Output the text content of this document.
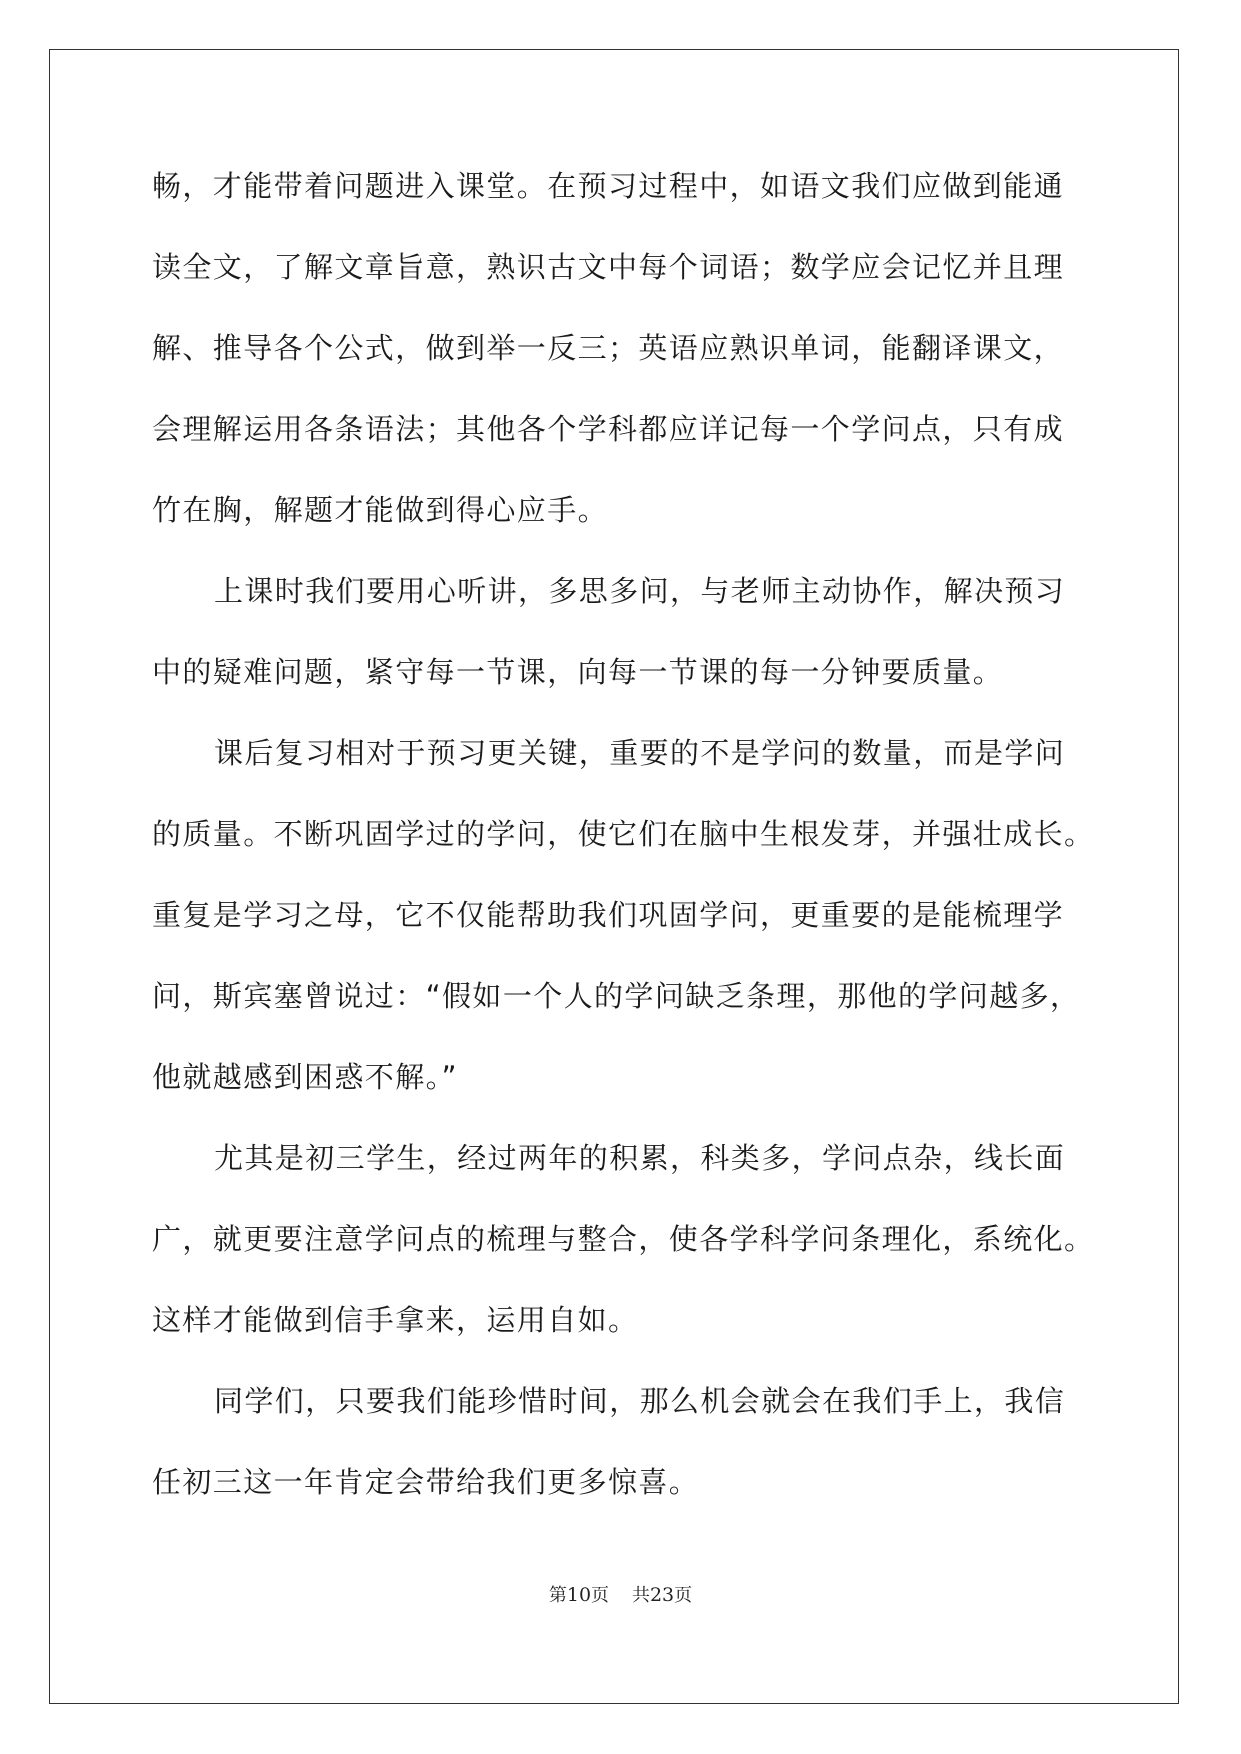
畅，才能带着问题进入课堂。在预习过程中，如语文我们应做到能通
读全文，了解文章旨意，熟识古文中每个词语；数学应会记忆并且理
解、推导各个公式，做到举一反三；英语应熟识单词，能翻译课文，
会理解运用各条语法；其他各个学科都应详记每一个学问点，只有成
竹在胸，解题才能做到得心应手。
上课时我们要用心听讲，多思多问，与老师主动协作，解决预习
中的疑难问题，紧守每一节课，向每一节课的每一分钟要质量。
课后复习相对于预习更关键，重要的不是学问的数量，而是学问
的质量。不断巩固学过的学问，使它们在脑中生根发芽，并强壮成长。
重复是学习之母，它不仅能帮助我们巩固学问，更重要的是能梳理学
问，斯宾塞曾说过：“假如一个人的学问缺乏条理，那他的学问越多，
他就越感到困惑不解。”
尤其是初三学生，经过两年的积累，科类多，学问点杂，线长面
广，就更要注意学问点的梳理与整合，使各学科学问条理化，系统化。
这样才能做到信手拿来，运用自如。
同学们，只要我们能珍惜时间，那么机会就会在我们手上，我信
任初三这一年肯定会带给我们更多惊喜。
第10页 共23页
